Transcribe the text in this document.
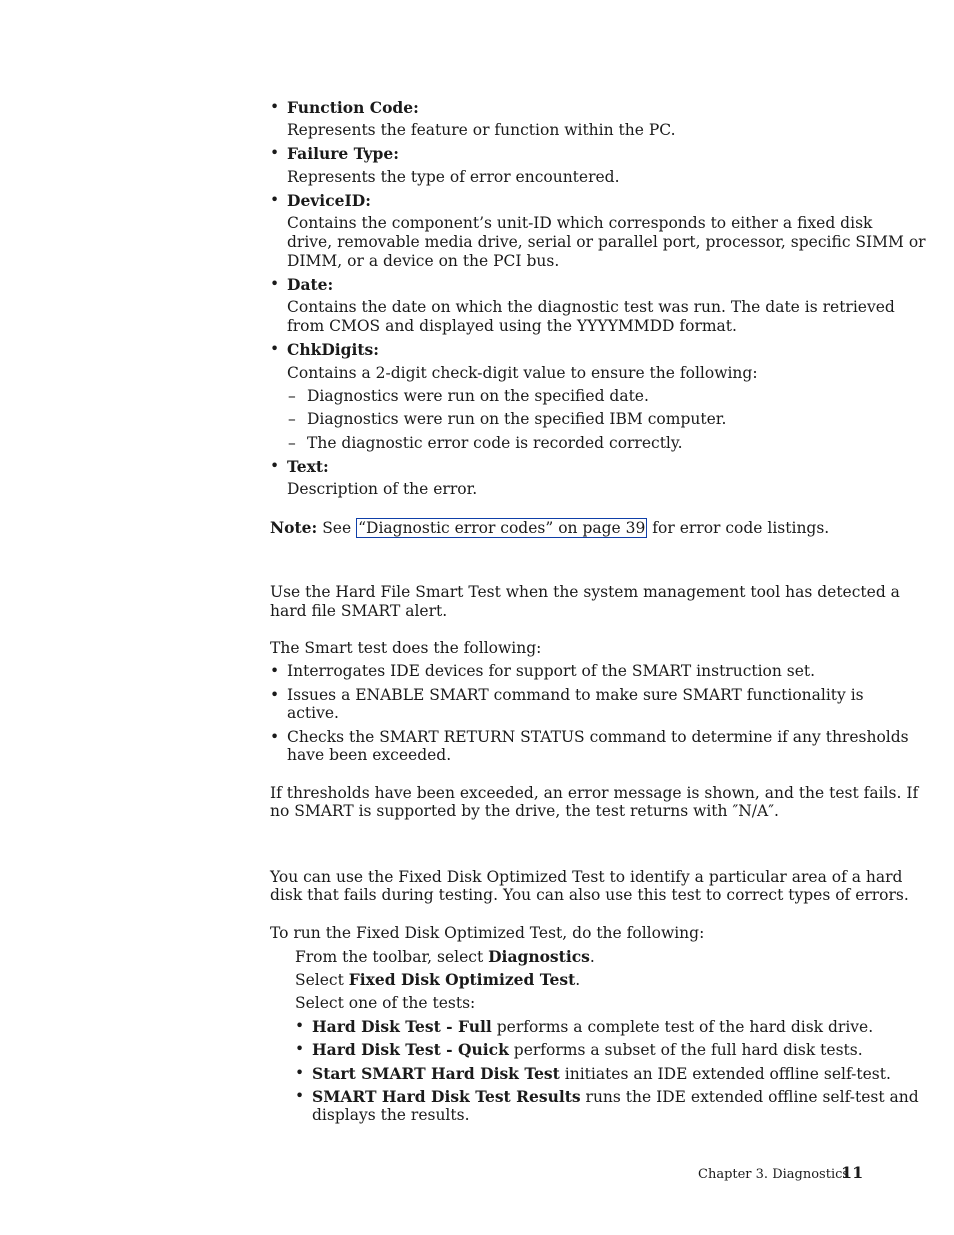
• Function Code:
Represents the feature or function within the PC.
• Failure Type:
Represents the type of error encountered.
• DeviceID:
Contains the component’s unit-ID which corresponds to either a fixed disk
drive, removable media drive, serial or parallel port, processor, specific SIMM or
DIMM, or a device on the PCI bus.
• Date:
Contains the date on which the diagnostic test was run. The date is retrieved
from CMOS and displayed using the YYYYMMDD format.
• ChkDigits:
Contains a 2-digit check-digit value to ensure the following:
– Diagnostics were run on the specified date.
– Diagnostics were run on the specified IBM computer.
– The diagnostic error code is recorded correctly.
• Text:
Description of the error.
Note: See “Diagnostic error codes” on page 39 for error code listings.
Use the Hard File Smart Test when the system management tool has detected a
hard file SMART alert.
The Smart test does the following:
• Interrogates IDE devices for support of the SMART instruction set.
• Issues a ENABLE SMART command to make sure SMART functionality is
active.
• Checks the SMART RETURN STATUS command to determine if any thresholds
have been exceeded.
If thresholds have been exceeded, an error message is shown, and the test fails. If
no SMART is supported by the drive, the test returns with ″N/A″.
You can use the Fixed Disk Optimized Test to identify a particular area of a hard
disk that fails during testing. You can also use this test to correct types of errors.
To run the Fixed Disk Optimized Test, do the following:
From the toolbar, select Diagnostics.
Select Fixed Disk Optimized Test.
Select one of the tests:
• Hard Disk Test - Full performs a complete test of the hard disk drive.
• Hard Disk Test - Quick performs a subset of the full hard disk tests.
• Start SMART Hard Disk Test initiates an IDE extended offline self-test.
• SMART Hard Disk Test Results runs the IDE extended offline self-test and
displays the results.
Chapter 3. Diagnostics
11
